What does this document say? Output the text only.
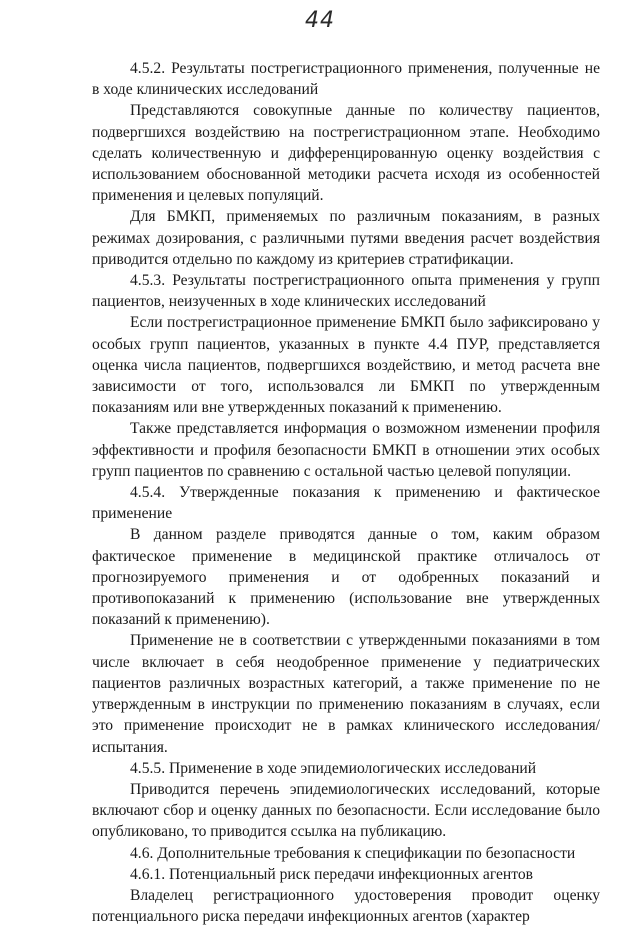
44

4.5.2. Результаты пострегистрационного применения, полученные не в ходе клинических исследований

Представляются совокупные данные по количеству пациентов, подвергшихся воздействию на пострегистрационном этапе. Необходимо сделать количественную и дифференцированную оценку воздействия с использованием обоснованной методики расчета исходя из особенностей применения и целевых популяций.

Для БМКП, применяемых по различным показаниям, в разных режимах дозирования, с различными путями введения расчет воздействия приводится отдельно по каждому из критериев стратификации.

4.5.3. Результаты пострегистрационного опыта применения у групп пациентов, неизученных в ходе клинических исследований

Если пострегистрационное применение БМКП было зафиксировано у особых групп пациентов, указанных в пункте 4.4 ПУР, представляется оценка числа пациентов, подвергшихся воздействию, и метод расчета вне зависимости от того, использовался ли БМКП по утвержденным показаниям или вне утвержденных показаний к применению.

Также представляется информация о возможном изменении профиля эффективности и профиля безопасности БМКП в отношении этих особых групп пациентов по сравнению с остальной частью целевой популяции.

4.5.4. Утвержденные показания к применению и фактическое применение

В данном разделе приводятся данные о том, каким образом фактическое применение в медицинской практике отличалось от прогнозируемого применения и от одобренных показаний и противопоказаний к применению (использование вне утвержденных показаний к применению).

Применение не в соответствии с утвержденными показаниями в том числе включает в себя неодобренное применение у педиатрических пациентов различных возрастных категорий, а также применение по не утвержденным в инструкции по применению показаниям в случаях, если это применение происходит не в рамках клинического исследования/испытания.

4.5.5. Применение в ходе эпидемиологических исследований

Приводится перечень эпидемиологических исследований, которые включают сбор и оценку данных по безопасности. Если исследование было опубликовано, то приводится ссылка на публикацию.

4.6. Дополнительные требования к спецификации по безопасности

4.6.1. Потенциальный риск передачи инфекционных агентов

Владелец регистрационного удостоверения проводит оценку потенциального риска передачи инфекционных агентов (характер
